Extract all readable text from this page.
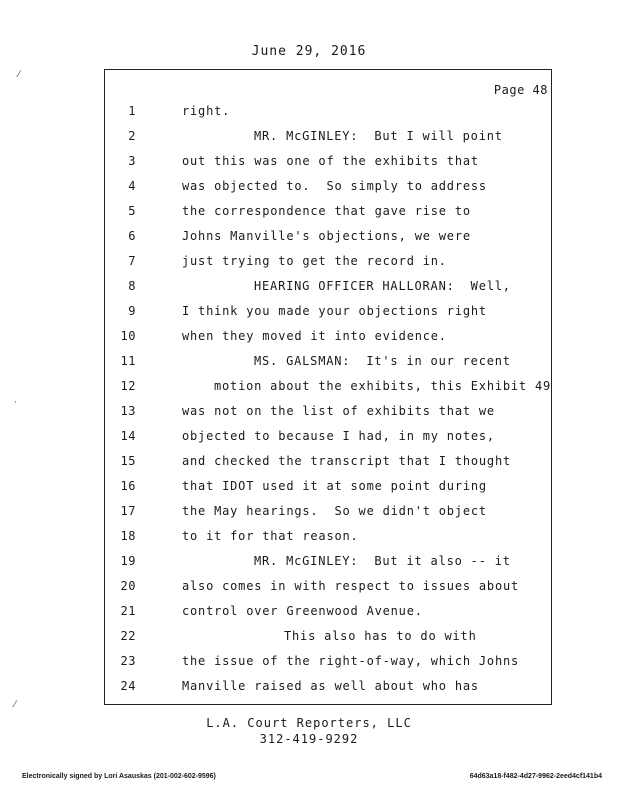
June 29, 2016
Page 48
1	right.
2	MR. McGINLEY:  But I will point
3	out this was one of the exhibits that
4	was objected to.  So simply to address
5	the correspondence that gave rise to
6	Johns Manville's objections, we were
7	just trying to get the record in.
8	HEARING OFFICER HALLORAN:  Well,
9	I think you made your objections right
10	when they moved it into evidence.
11	MS. GALSMAN:  It's in our recent
12	motion about the exhibits, this Exhibit 49
13	was not on the list of exhibits that we
14	objected to because I had, in my notes,
15	and checked the transcript that I thought
16	that IDOT used it at some point during
17	the May hearings.  So we didn't object
18	to it for that reason.
19	MR. McGINLEY:  But it also -- it
20	also comes in with respect to issues about
21	control over Greenwood Avenue.
22	This also has to do with
23	the issue of the right-of-way, which Johns
24	Manville raised as well about who has
L.A. Court Reporters, LLC
312-419-9292
Electronically signed by Lori Asauskas (201-002-602-9596)	64d63a18-f482-4d27-9962-2eed4cf141b4
⁄
·
⁄
